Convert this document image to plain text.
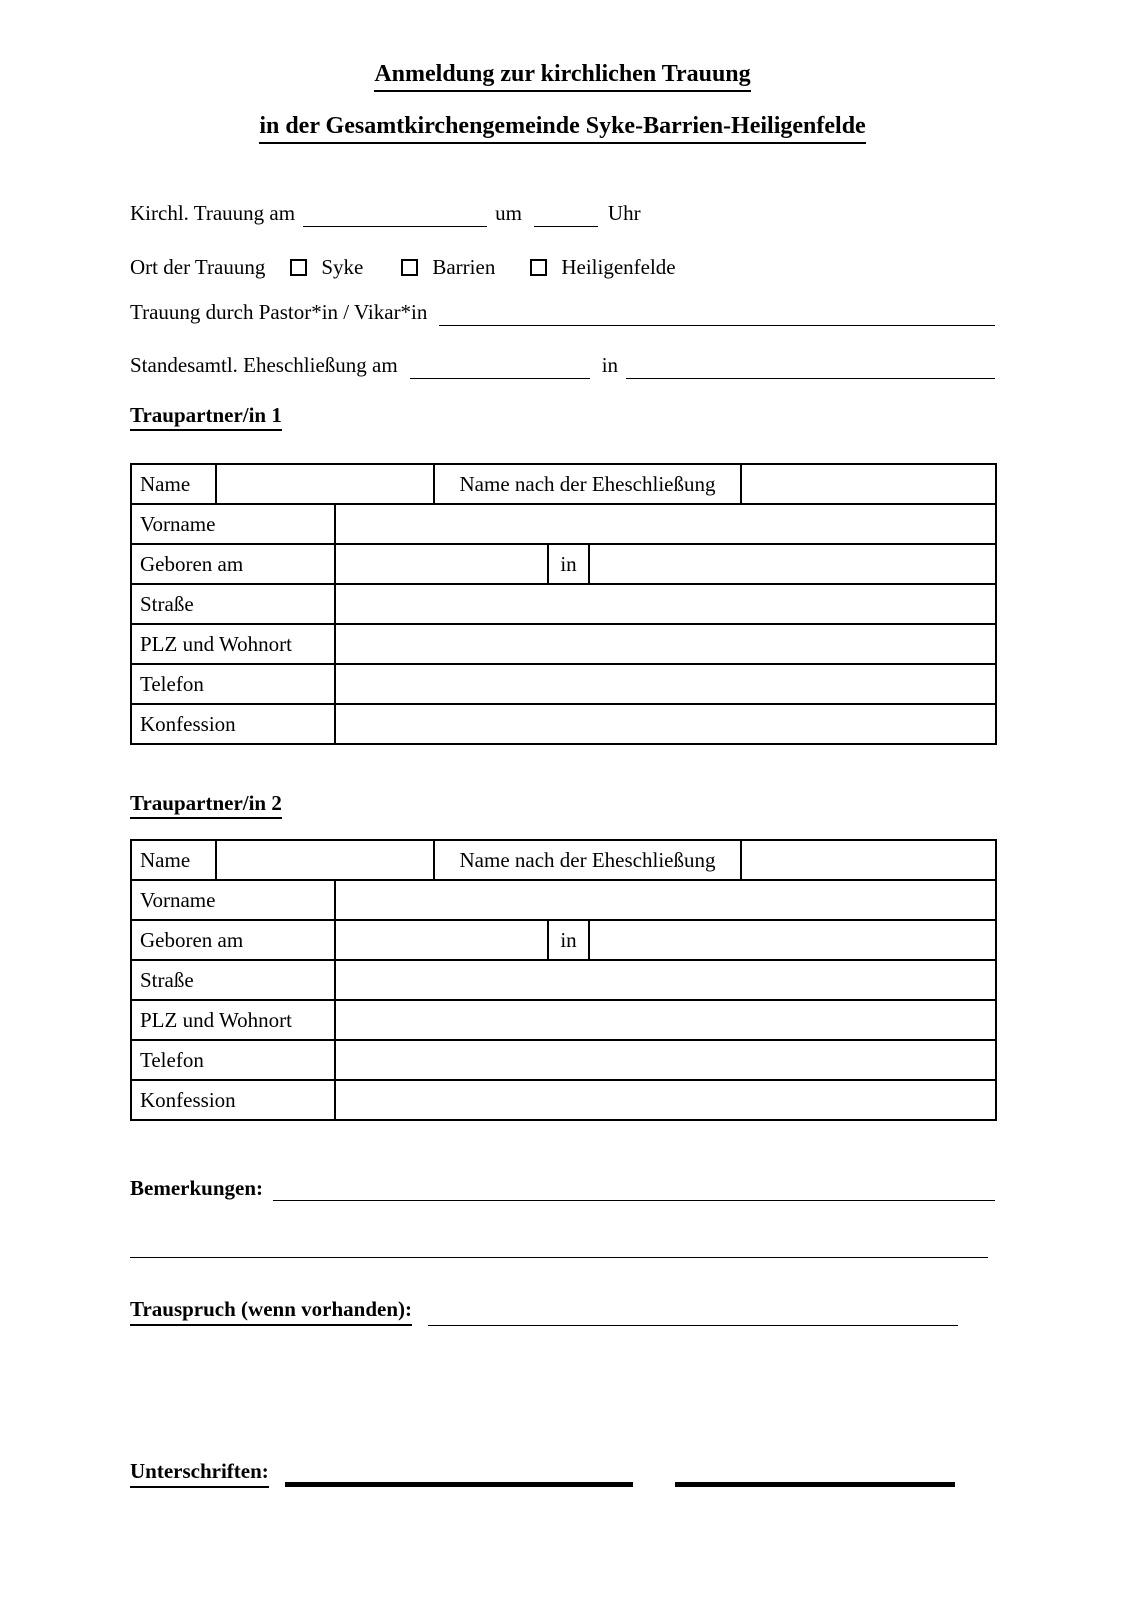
Anmeldung zur kirchlichen Trauung
in der Gesamtkirchengemeinde Syke-Barrien-Heiligenfelde
Kirchl. Trauung am	um	Uhr
Ort der Trauung	Syke	Barrien	Heiligenfelde
Trauung durch Pastor*in / Vikar*in
Standesamtl. Eheschließung am	in
Traupartner/in 1
Name			Name nach der Eheschließung			
Vorname						
Geboren am				in		
Straße						
PLZ und Wohnort						
Telefon						
Konfession						
Traupartner/in 2
Name			Name nach der Eheschließung			
Vorname						
Geboren am				in		
Straße						
PLZ und Wohnort						
Telefon						
Konfession						
Bemerkungen:
Trauspruch (wenn vorhanden):
Unterschriften:
